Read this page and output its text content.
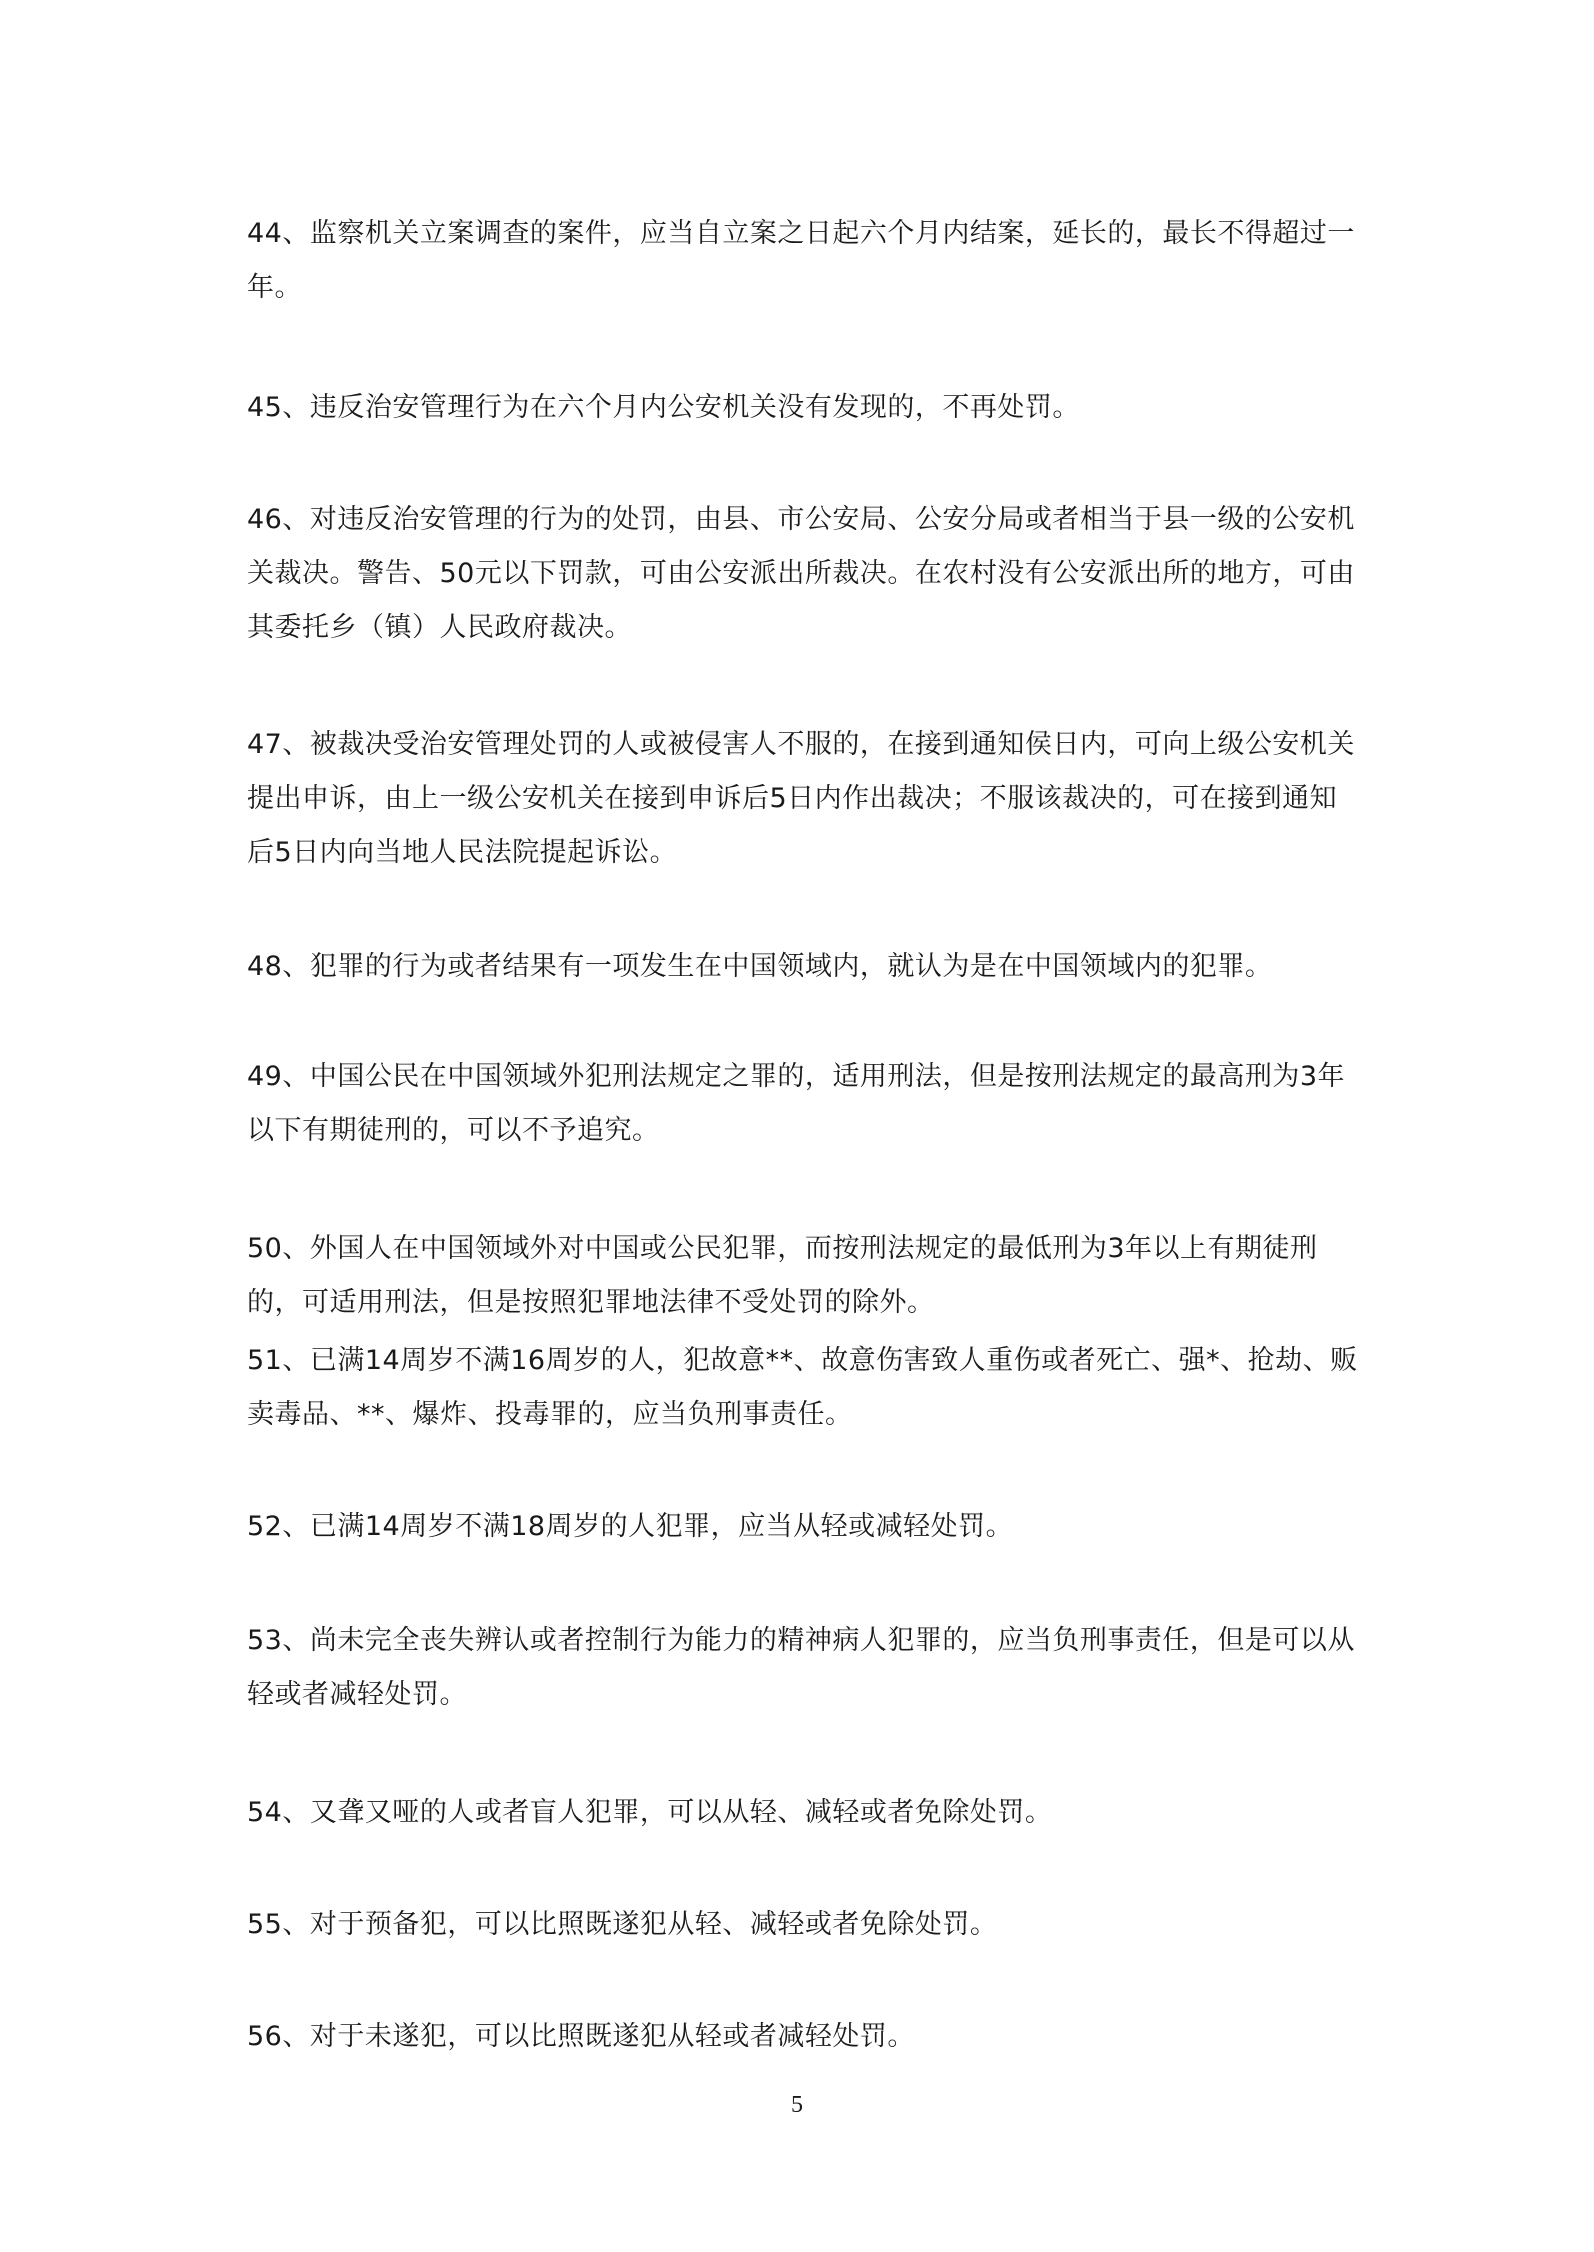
44、监察机关立案调查的案件，应当自立案之日起六个月内结案，延长的，最长不得超过一年。

45、违反治安管理行为在六个月内公安机关没有发现的，不再处罚。

46、对违反治安管理的行为的处罚，由县、市公安局、公安分局或者相当于县一级的公安机关裁决。警告、50元以下罚款，可由公安派出所裁决。在农村没有公安派出所的地方，可由其委托乡（镇）人民政府裁决。

47、被裁决受治安管理处罚的人或被侵害人不服的，在接到通知侯日内，可向上级公安机关提出申诉，由上一级公安机关在接到申诉后5日内作出裁决；不服该裁决的，可在接到通知后5日内向当地人民法院提起诉讼。

48、犯罪的行为或者结果有一项发生在中国领域内，就认为是在中国领域内的犯罪。

49、中国公民在中国领域外犯刑法规定之罪的，适用刑法，但是按刑法规定的最高刑为3年以下有期徒刑的，可以不予追究。

50、外国人在中国领域外对中国或公民犯罪，而按刑法规定的最低刑为3年以上有期徒刑的，可适用刑法，但是按照犯罪地法律不受处罚的除外。

51、已满14周岁不满16周岁的人，犯故意**、故意伤害致人重伤或者死亡、强*、抢劫、贩卖毒品、**、爆炸、投毒罪的，应当负刑事责任。

52、已满14周岁不满18周岁的人犯罪，应当从轻或减轻处罚。

53、尚未完全丧失辨认或者控制行为能力的精神病人犯罪的，应当负刑事责任，但是可以从轻或者减轻处罚。

54、又聋又哑的人或者盲人犯罪，可以从轻、减轻或者免除处罚。

55、对于预备犯，可以比照既遂犯从轻、减轻或者免除处罚。

56、对于未遂犯，可以比照既遂犯从轻或者减轻处罚。

5
